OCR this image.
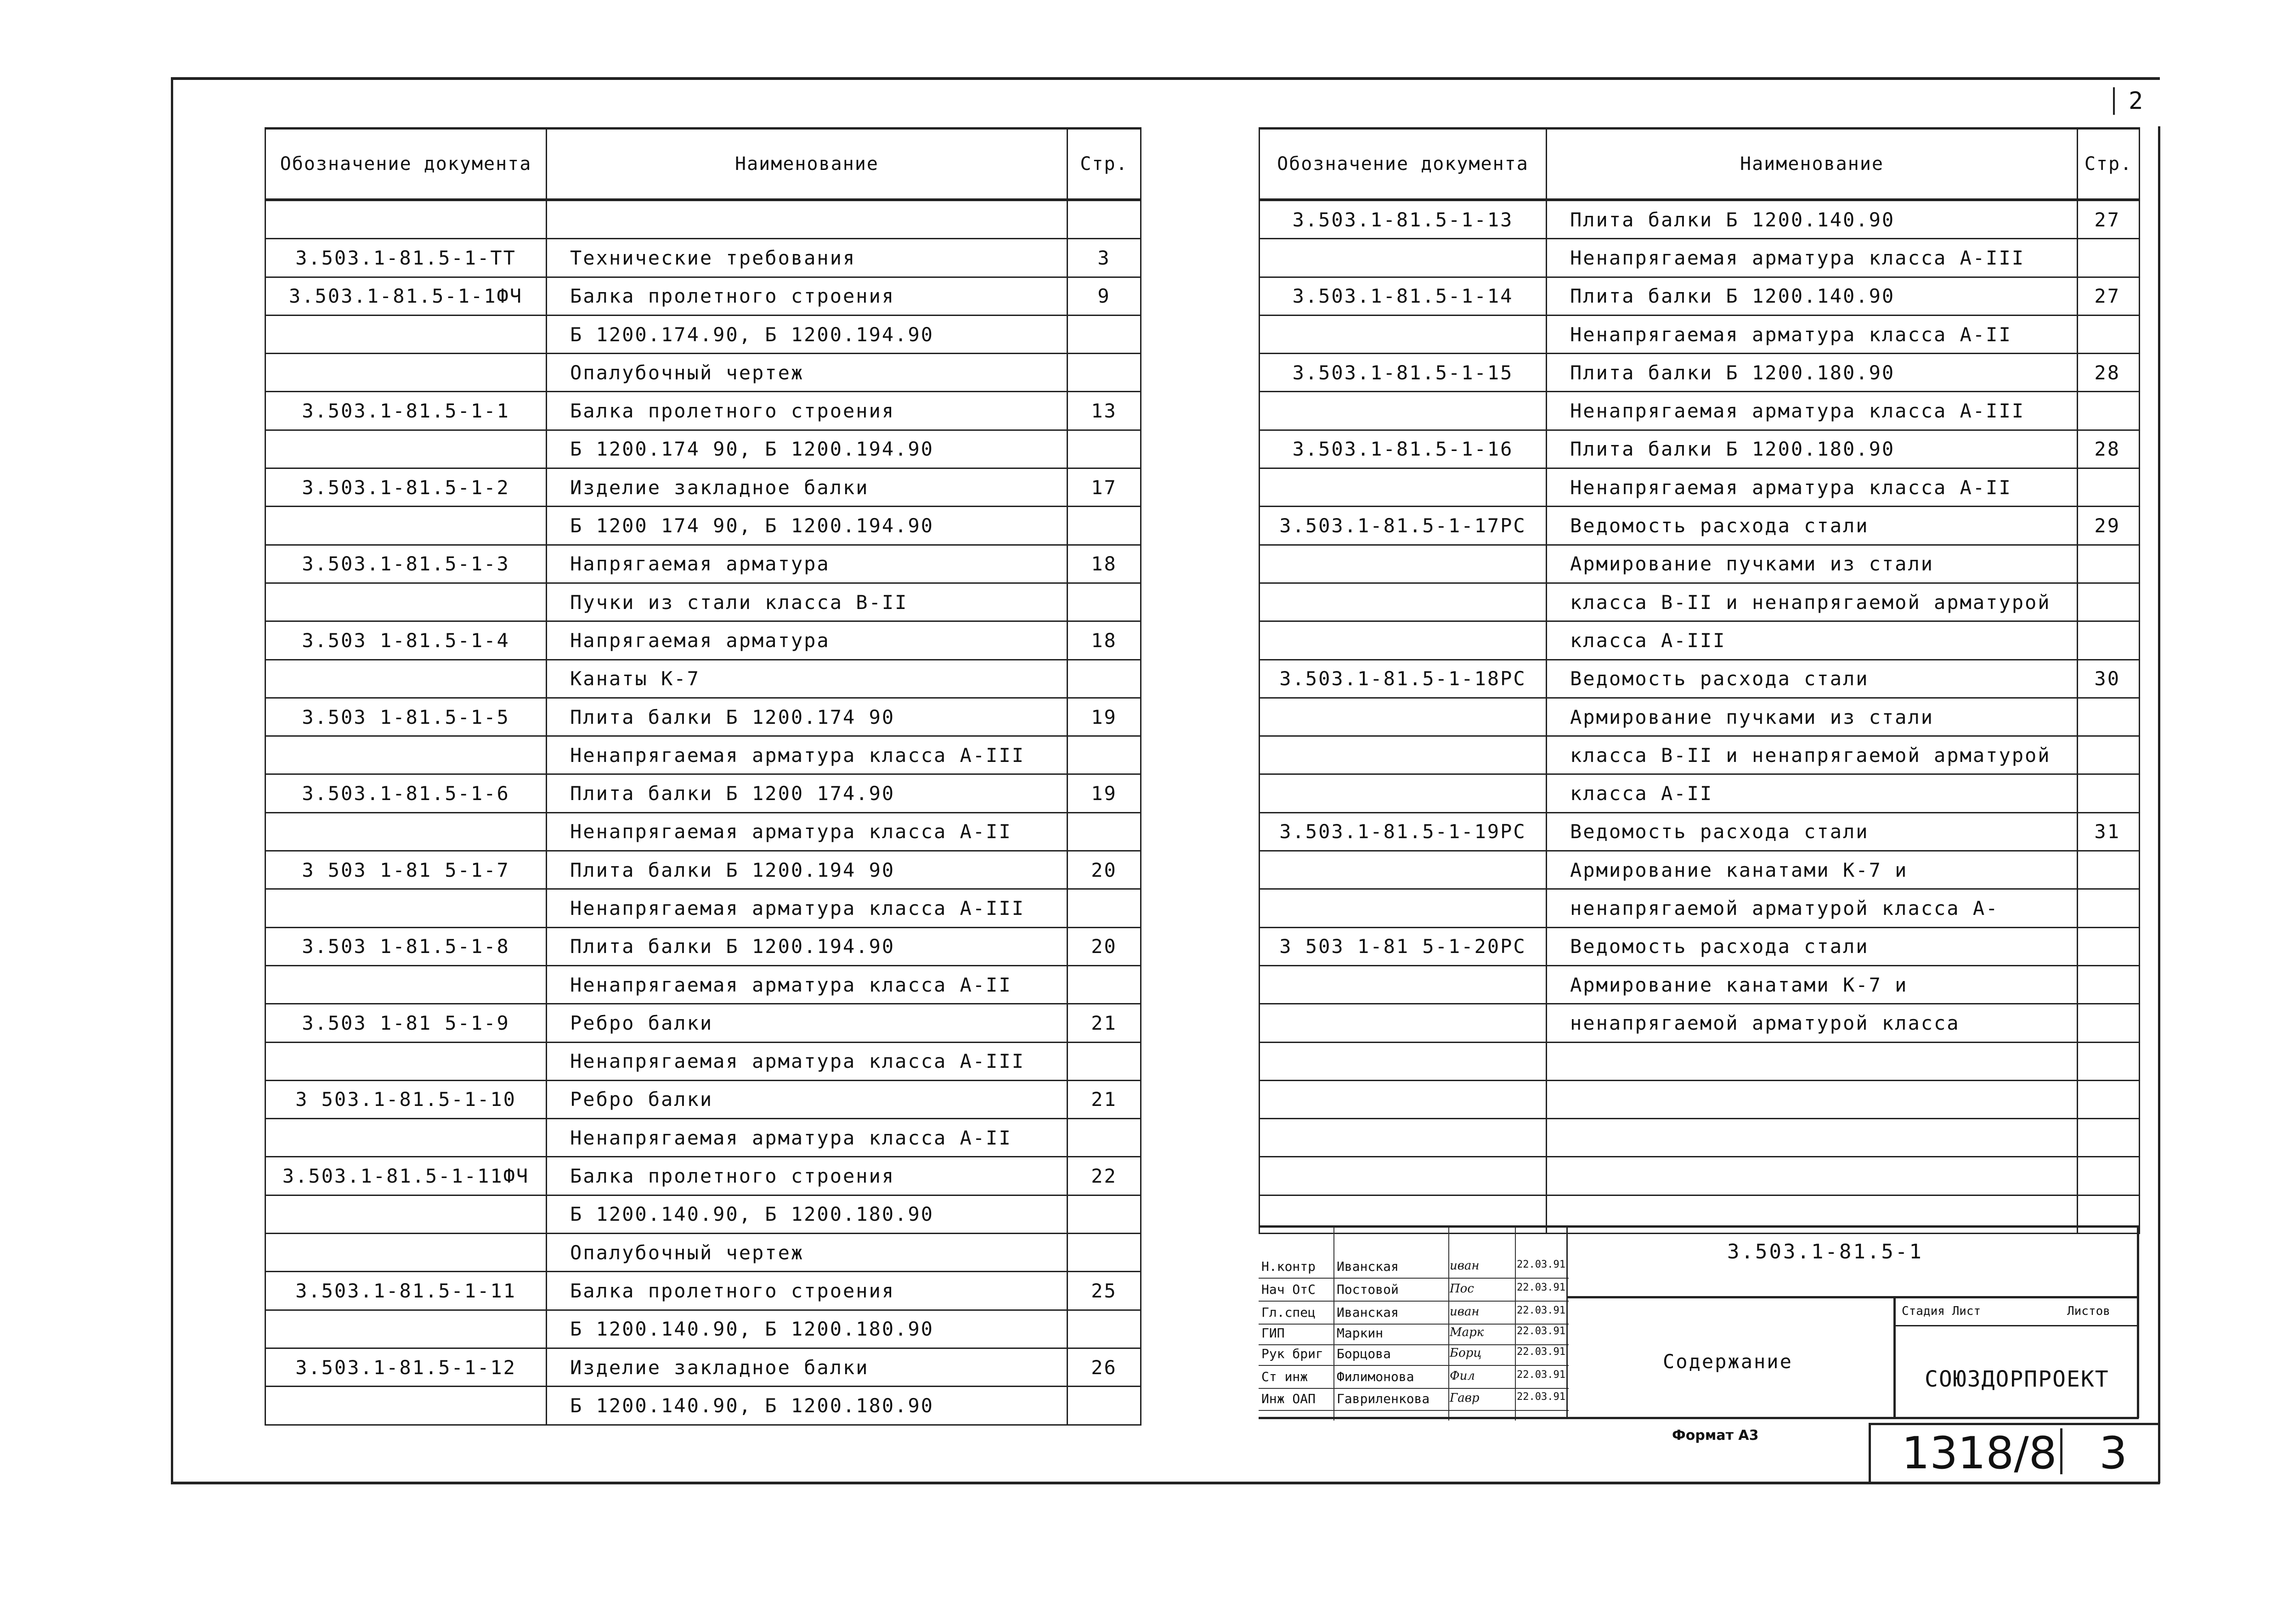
2
Обозначение документа	Наименование	Стр.

3.503.1-81.5-1-ТТ	Технические требования	3
3.503.1-81.5-1-1ФЧ	Балка пролетного строения	9
	Б 1200.174.90, Б 1200.194.90	
	Опалубочный чертеж	
3.503.1-81.5-1-1	Балка пролетного строения	13
	Б 1200.174 90, Б 1200.194.90	
3.503.1-81.5-1-2	Изделие закладное балки	17
	Б 1200 174 90, Б 1200.194.90	
3.503.1-81.5-1-3	Напрягаемая арматура	18
	Пучки из стали класса В-II	
3.503 1-81.5-1-4	Напрягаемая арматура	18
	Канаты К-7	
3.503 1-81.5-1-5	Плита балки Б 1200.174 90	19
	Ненапрягаемая арматура класса А-III	
3.503.1-81.5-1-6	Плита балки Б 1200 174.90	19
	Ненапрягаемая арматура класса А-II	
3 503 1-81 5-1-7	Плита балки Б 1200.194 90	20
	Ненапрягаемая арматура класса А-III	
3.503 1-81.5-1-8	Плита балки Б 1200.194.90	20
	Ненапрягаемая арматура класса А-II	
3.503 1-81 5-1-9	Ребро балки	21
	Ненапрягаемая арматура класса А-III	
3 503.1-81.5-1-10	Ребро балки	21
	Ненапрягаемая арматура класса А-II	
3.503.1-81.5-1-11ФЧ	Балка пролетного строения	22
	Б 1200.140.90, Б 1200.180.90	
	Опалубочный чертеж	
3.503.1-81.5-1-11	Балка пролетного строения	25
	Б 1200.140.90, Б 1200.180.90	
3.503.1-81.5-1-12	Изделие закладное балки	26
	Б 1200.140.90, Б 1200.180.90	
Обозначение документа	Наименование	Стр.
3.503.1-81.5-1-13	Плита балки Б 1200.140.90	27
	Ненапрягаемая арматура класса А-III	
3.503.1-81.5-1-14	Плита балки Б 1200.140.90	27
	Ненапрягаемая арматура класса А-II	
3.503.1-81.5-1-15	Плита балки Б 1200.180.90	28
	Ненапрягаемая арматура класса А-III	
3.503.1-81.5-1-16	Плита балки Б 1200.180.90	28
	Ненапрягаемая арматура класса А-II	
3.503.1-81.5-1-17РС	Ведомость расхода стали	29
	Армирование пучками из стали	
	класса В-II и ненапрягаемой арматурой	
	класса А-III	
3.503.1-81.5-1-18РС	Ведомость расхода стали	30
	Армирование пучками из стали	
	класса В-II и ненапрягаемой арматурой	
	класса А-II	
3.503.1-81.5-1-19РС	Ведомость расхода стали	31
	Армирование канатами К-7 и	
	ненапрягаемой арматурой класса А-	
3 503 1-81 5-1-20РС	Ведомость расхода стали	
	Армирование канатами К-7 и	
	ненапрягаемой арматурой класса	

Н.контр	Иванская	иван	22.03.91
Нач ОтС	Постовой	Пос	22.03.91
Гл.спец	Иванская	иван	22.03.91
ГИП	Маркин	Марк	22.03.91
Рук бриг	Борцова	Борц	22.03.91
Ст инж	Филимонова	Фил	22.03.91
Инж ОАП	Гавриленкова	Гавр	22.03.91
3.503.1-81.5-1
Содержание
Стадия Лист	Листов
СОЮЗДОРПРОЕКТ
Формат А3	1318/8 3
